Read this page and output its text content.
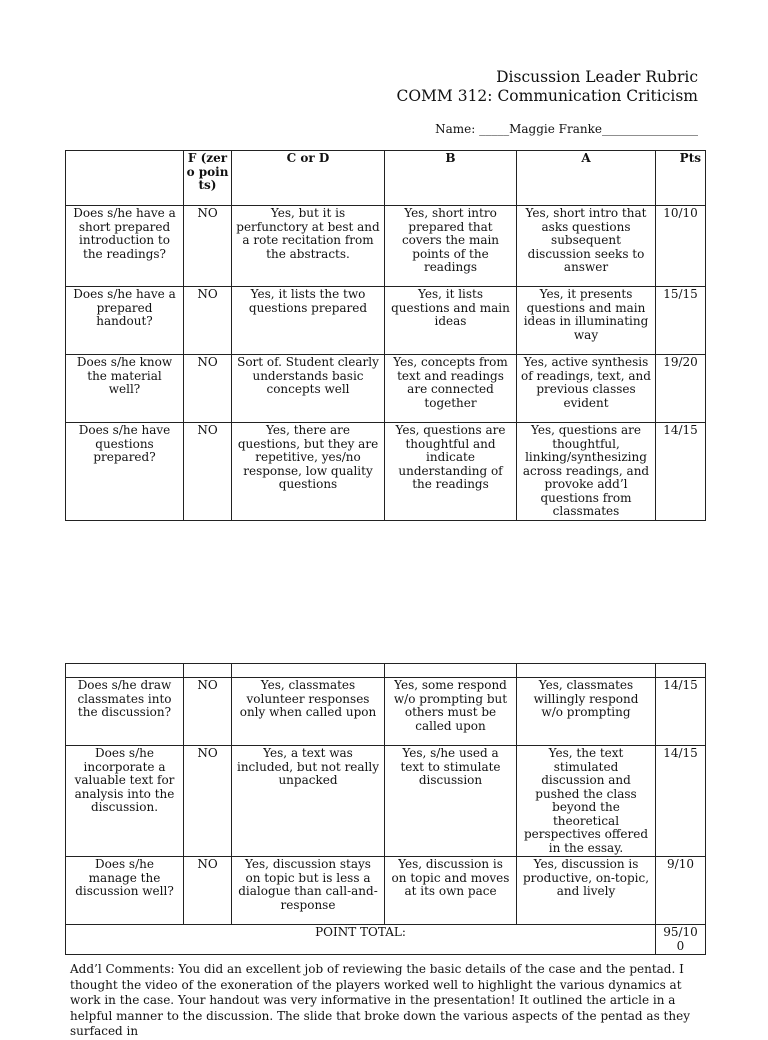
Discussion Leader Rubric
COMM 312: Communication Criticism
Name: _____Maggie Franke________________
	F (zero points)	C or D	B	A	Pts
Does s/he have a short prepared introduction to the readings?	NO	Yes, but it is perfunctory at best and a rote recitation from the abstracts.	Yes, short intro prepared that covers the main points of the readings	Yes, short intro that asks questions subsequent discussion seeks to answer	10/10
Does s/he have a prepared handout?	NO	Yes, it lists the two questions prepared	Yes, it lists questions and main ideas	Yes, it presents questions and main ideas in illuminating way	15/15
Does s/he know the material well?	NO	Sort of. Student clearly understands basic concepts well	Yes, concepts from text and readings are connected together	Yes, active synthesis of readings, text, and previous classes evident	19/20
Does s/he have questions prepared?	NO	Yes, there are questions, but they are repetitive, yes/no response, low quality questions	Yes, questions are thoughtful and indicate understanding of the readings	Yes, questions are thoughtful, linking/synthesizing across readings, and provoke add’l questions from classmates	14/15

Does s/he draw classmates into the discussion?	NO	Yes, classmates volunteer responses only when called upon	Yes, some respond w/o prompting but others must be called upon	Yes, classmates willingly respond w/o prompting	14/15
Does s/he incorporate a valuable text for analysis into the discussion.	NO	Yes, a text was included, but not really unpacked	Yes, s/he used a text to stimulate discussion	Yes, the text stimulated discussion and pushed the class beyond the theoretical perspectives offered in the essay.	14/15
Does s/he manage the discussion well?	NO	Yes, discussion stays on topic but is less a dialogue than call-and-response	Yes, discussion is on topic and moves at its own pace	Yes, discussion is productive, on-topic, and lively	9/10
POINT TOTAL:					95/100
Add’l Comments: You did an excellent job of reviewing the basic details of the case and the pentad. I thought the video of the exoneration of the players worked well to highlight the various dynamics at work in the case. Your handout was very informative in the presentation! It outlined the article in a helpful manner to the discussion. The slide that broke down the various aspects of the pentad as they surfaced in
